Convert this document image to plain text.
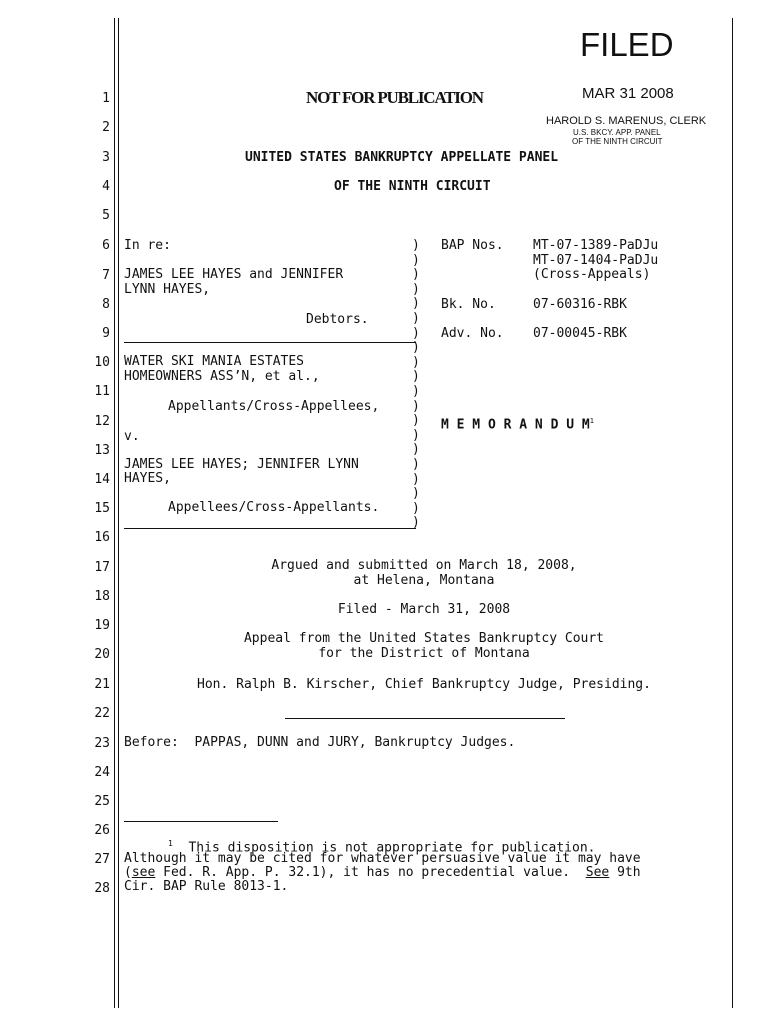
FILED
MAR 31 2008
HAROLD S. MARENUS, CLERK
U.S. BKCY. APP. PANEL
OF THE NINTH CIRCUIT
NOT FOR PUBLICATION
UNITED STATES BANKRUPTCY APPELLATE PANEL
OF THE NINTH CIRCUIT
1
2
3
4
5
6
7
8
9
10
11
12
13
14
15
16
17
18
19
20
21
22
23
24
25
26
27
28
In re:
JAMES LEE HAYES and JENNIFER
LYNN HAYES,
Debtors.
WATER SKI MANIA ESTATES
HOMEOWNERS ASS’N, et al.,
Appellants/Cross-Appellees,
v.
JAMES LEE HAYES; JENNIFER LYNN
HAYES,
Appellees/Cross-Appellants.
)
)
)
)
)
)
)
)
)
)
)
)
)
)
)
)
)
)
)
)
BAP Nos. MT-07-1389-PaDJu
MT-07-1404-PaDJu
(Cross-Appeals)
Bk. No.	07-60316-RBK
Adv. No. 07-00045-RBK
M E M O R A N D U $M^1$
Argued and submitted on March 18, 2008,
at Helena, Montana
Filed - March 31, 2008
Appeal from the United States Bankruptcy Court
for the District of Montana
Hon. Ralph B. Kirscher, Chief Bankruptcy Judge, Presiding.
Before:  PAPPAS, DUNN and JURY, Bankruptcy Judges.
$^1$ This disposition is not appropriate for publication.
Although it may be cited for whatever persuasive value it may have
(see Fed. R. App. P. 32.1), it has no precedential value.  See 9th
Cir. BAP Rule 8013-1.
